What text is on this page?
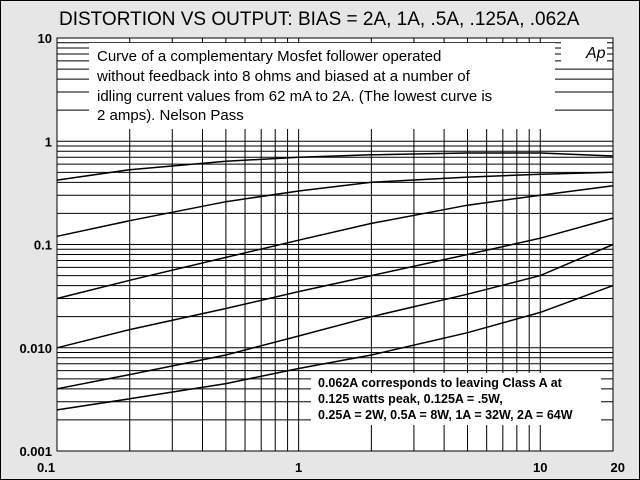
DISTORTION VS OUTPUT: BIAS = 2A, 1A, .5A, .125A, .062A
0.1	1	10	20
10
1
0.1
0.010
0.001
Curve of a complementary Mosfet follower operated
without feedback into 8 ohms and biased at a number of
idling current values from 62 mA to 2A. (The lowest curve is
2 amps). Nelson Pass
Ap
0.062A corresponds to leaving Class A at
0.125 watts peak, 0.125A = .5W,
0.25A = 2W, 0.5A = 8W, 1A = 32W, 2A = 64W
